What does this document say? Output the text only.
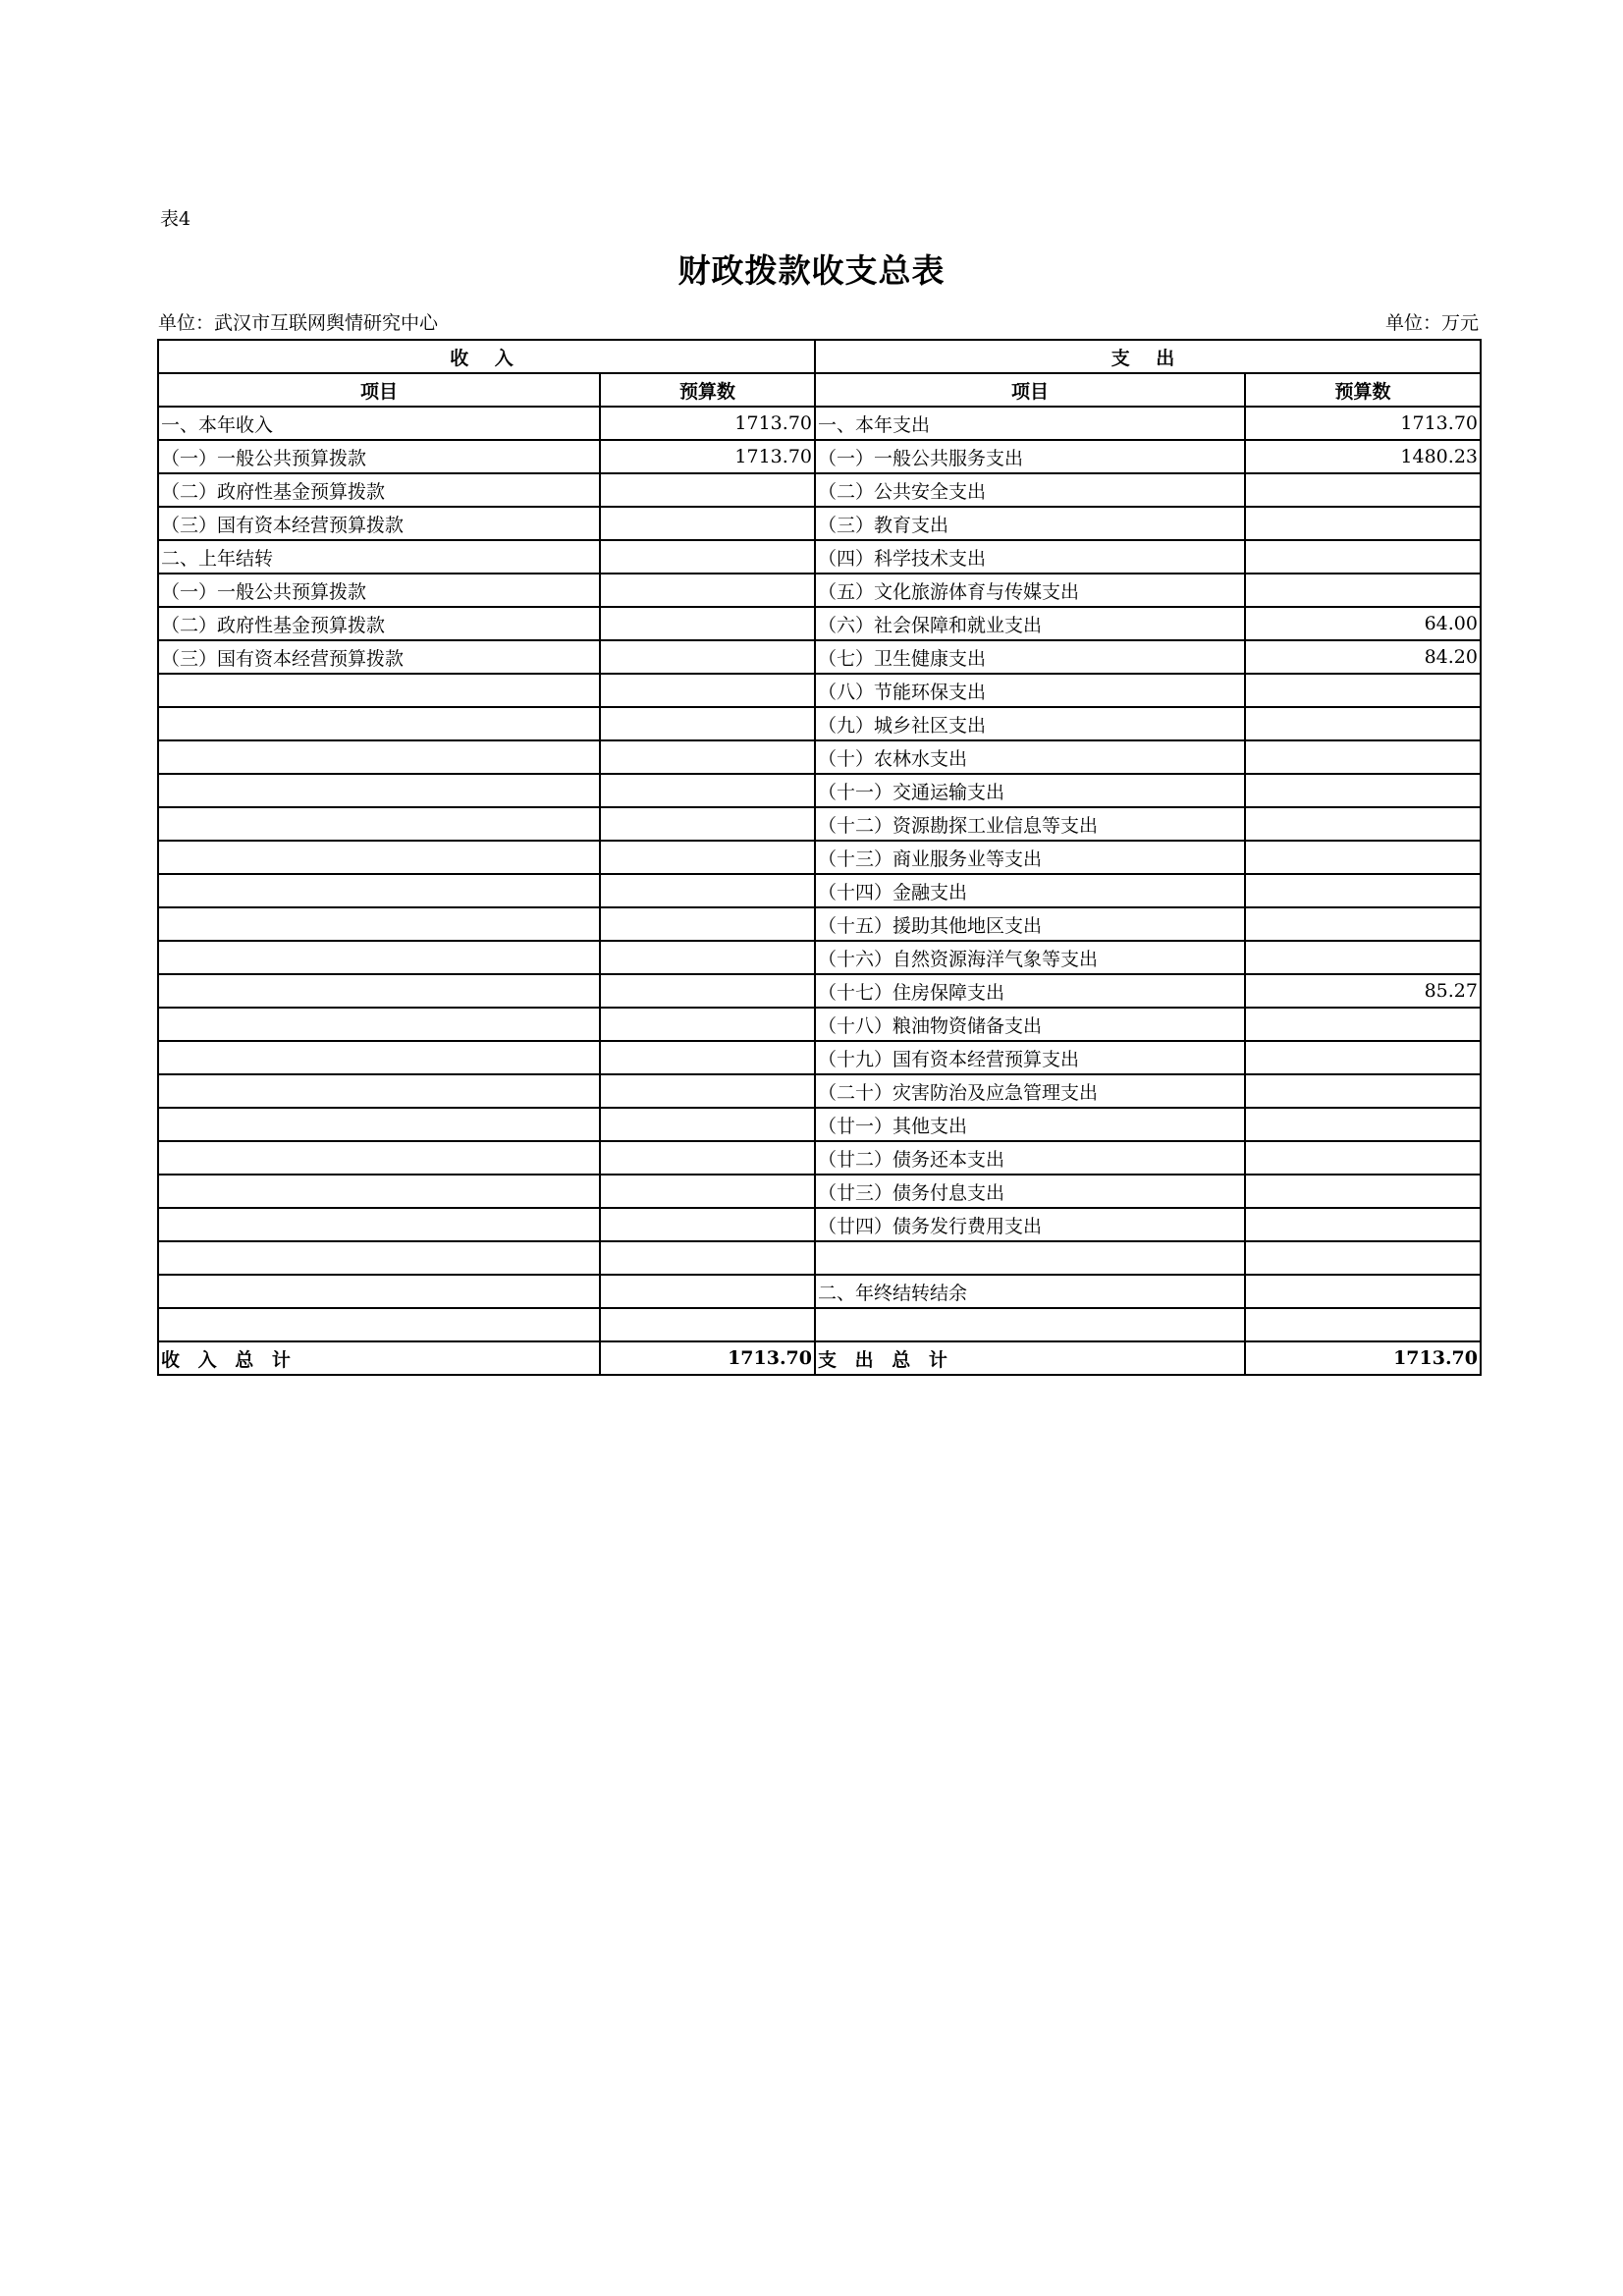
表4
财政拨款收支总表
单位：武汉市互联网舆情研究中心	单位：万元
收 入		支 出	
项目	预算数	项目	预算数
一、本年收入	1713.70	一、本年支出	1713.70
（一）一般公共预算拨款	1713.70	（一）一般公共服务支出	1480.23
（二）政府性基金预算拨款		（二）公共安全支出	
（三）国有资本经营预算拨款		（三）教育支出	
二、上年结转		（四）科学技术支出	
（一）一般公共预算拨款		（五）文化旅游体育与传媒支出	
（二）政府性基金预算拨款		（六）社会保障和就业支出	64.00
（三）国有资本经营预算拨款		（七）卫生健康支出	84.20
		（八）节能环保支出	
		（九）城乡社区支出	
		（十）农林水支出	
		（十一）交通运输支出	
		（十二）资源勘探工业信息等支出	
		（十三）商业服务业等支出	
		（十四）金融支出	
		（十五）援助其他地区支出	
		（十六）自然资源海洋气象等支出	
		（十七）住房保障支出	85.27
		（十八）粮油物资储备支出	
		（十九）国有资本经营预算支出	
		（二十）灾害防治及应急管理支出	
		（廿一）其他支出	
		（廿二）债务还本支出	
		（廿三）债务付息支出	
		（廿四）债务发行费用支出	

		二、年终结转结余	

收 入 总 计	1713.70	支 出 总 计	1713.70
